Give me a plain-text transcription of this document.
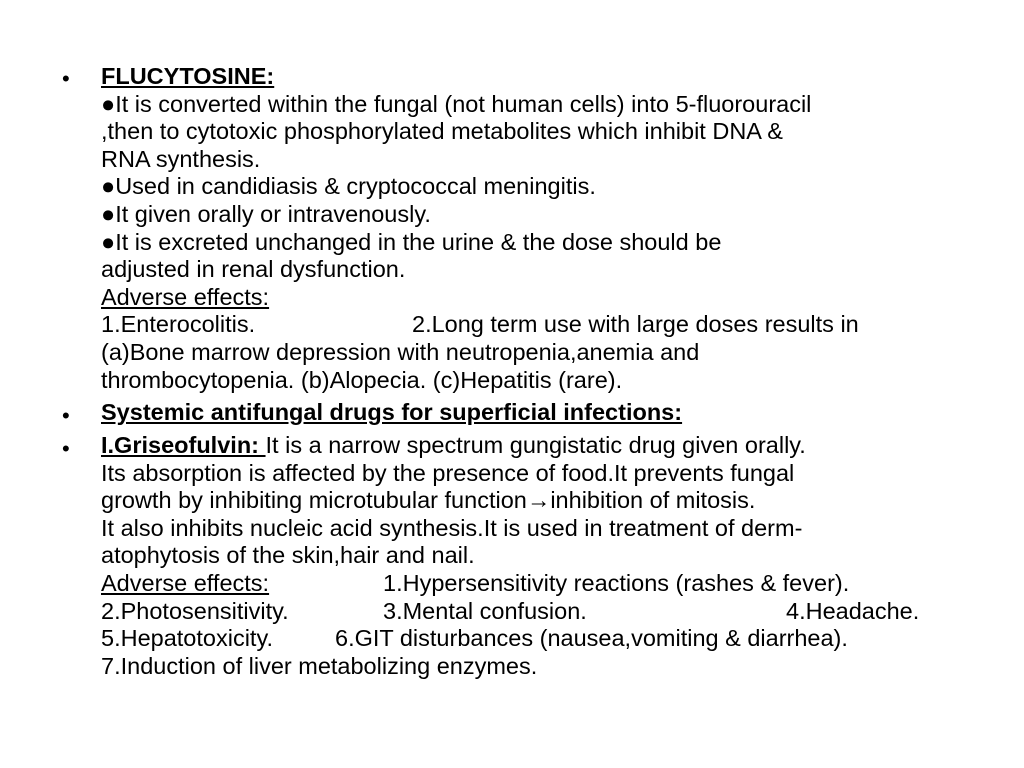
• FLUCYTOSINE:
●It is converted within the fungal (not human cells) into 5-fluorouracil
,then to cytotoxic phosphorylated metabolites which inhibit DNA &
RNA synthesis.
●Used in candidiasis & cryptococcal meningitis.
●It given orally or intravenously.
●It is excreted unchanged in the urine & the dose should be
adjusted in renal dysfunction.
Adverse effects:
1.Enterocolitis.	2.Long term use with large doses results in
(a)Bone marrow depression with neutropenia,anemia and
thrombocytopenia. (b)Alopecia. (c)Hepatitis (rare).
• Systemic antifungal drugs for superficial infections:
• I.Griseofulvin: It is a narrow spectrum gungistatic drug given orally.
Its absorption is affected by the presence of food.It prevents fungal
growth by inhibiting microtubular function→inhibition of mitosis.
It also inhibits nucleic acid synthesis.It is used in treatment of derm-
atophytosis of the skin,hair and nail.
Adverse effects:	1.Hypersensitivity reactions (rashes & fever).
2.Photosensitivity.	3.Mental confusion.	4.Headache.
5.Hepatotoxicity.	6.GIT disturbances (nausea,vomiting & diarrhea).
7.Induction of liver metabolizing enzymes.
